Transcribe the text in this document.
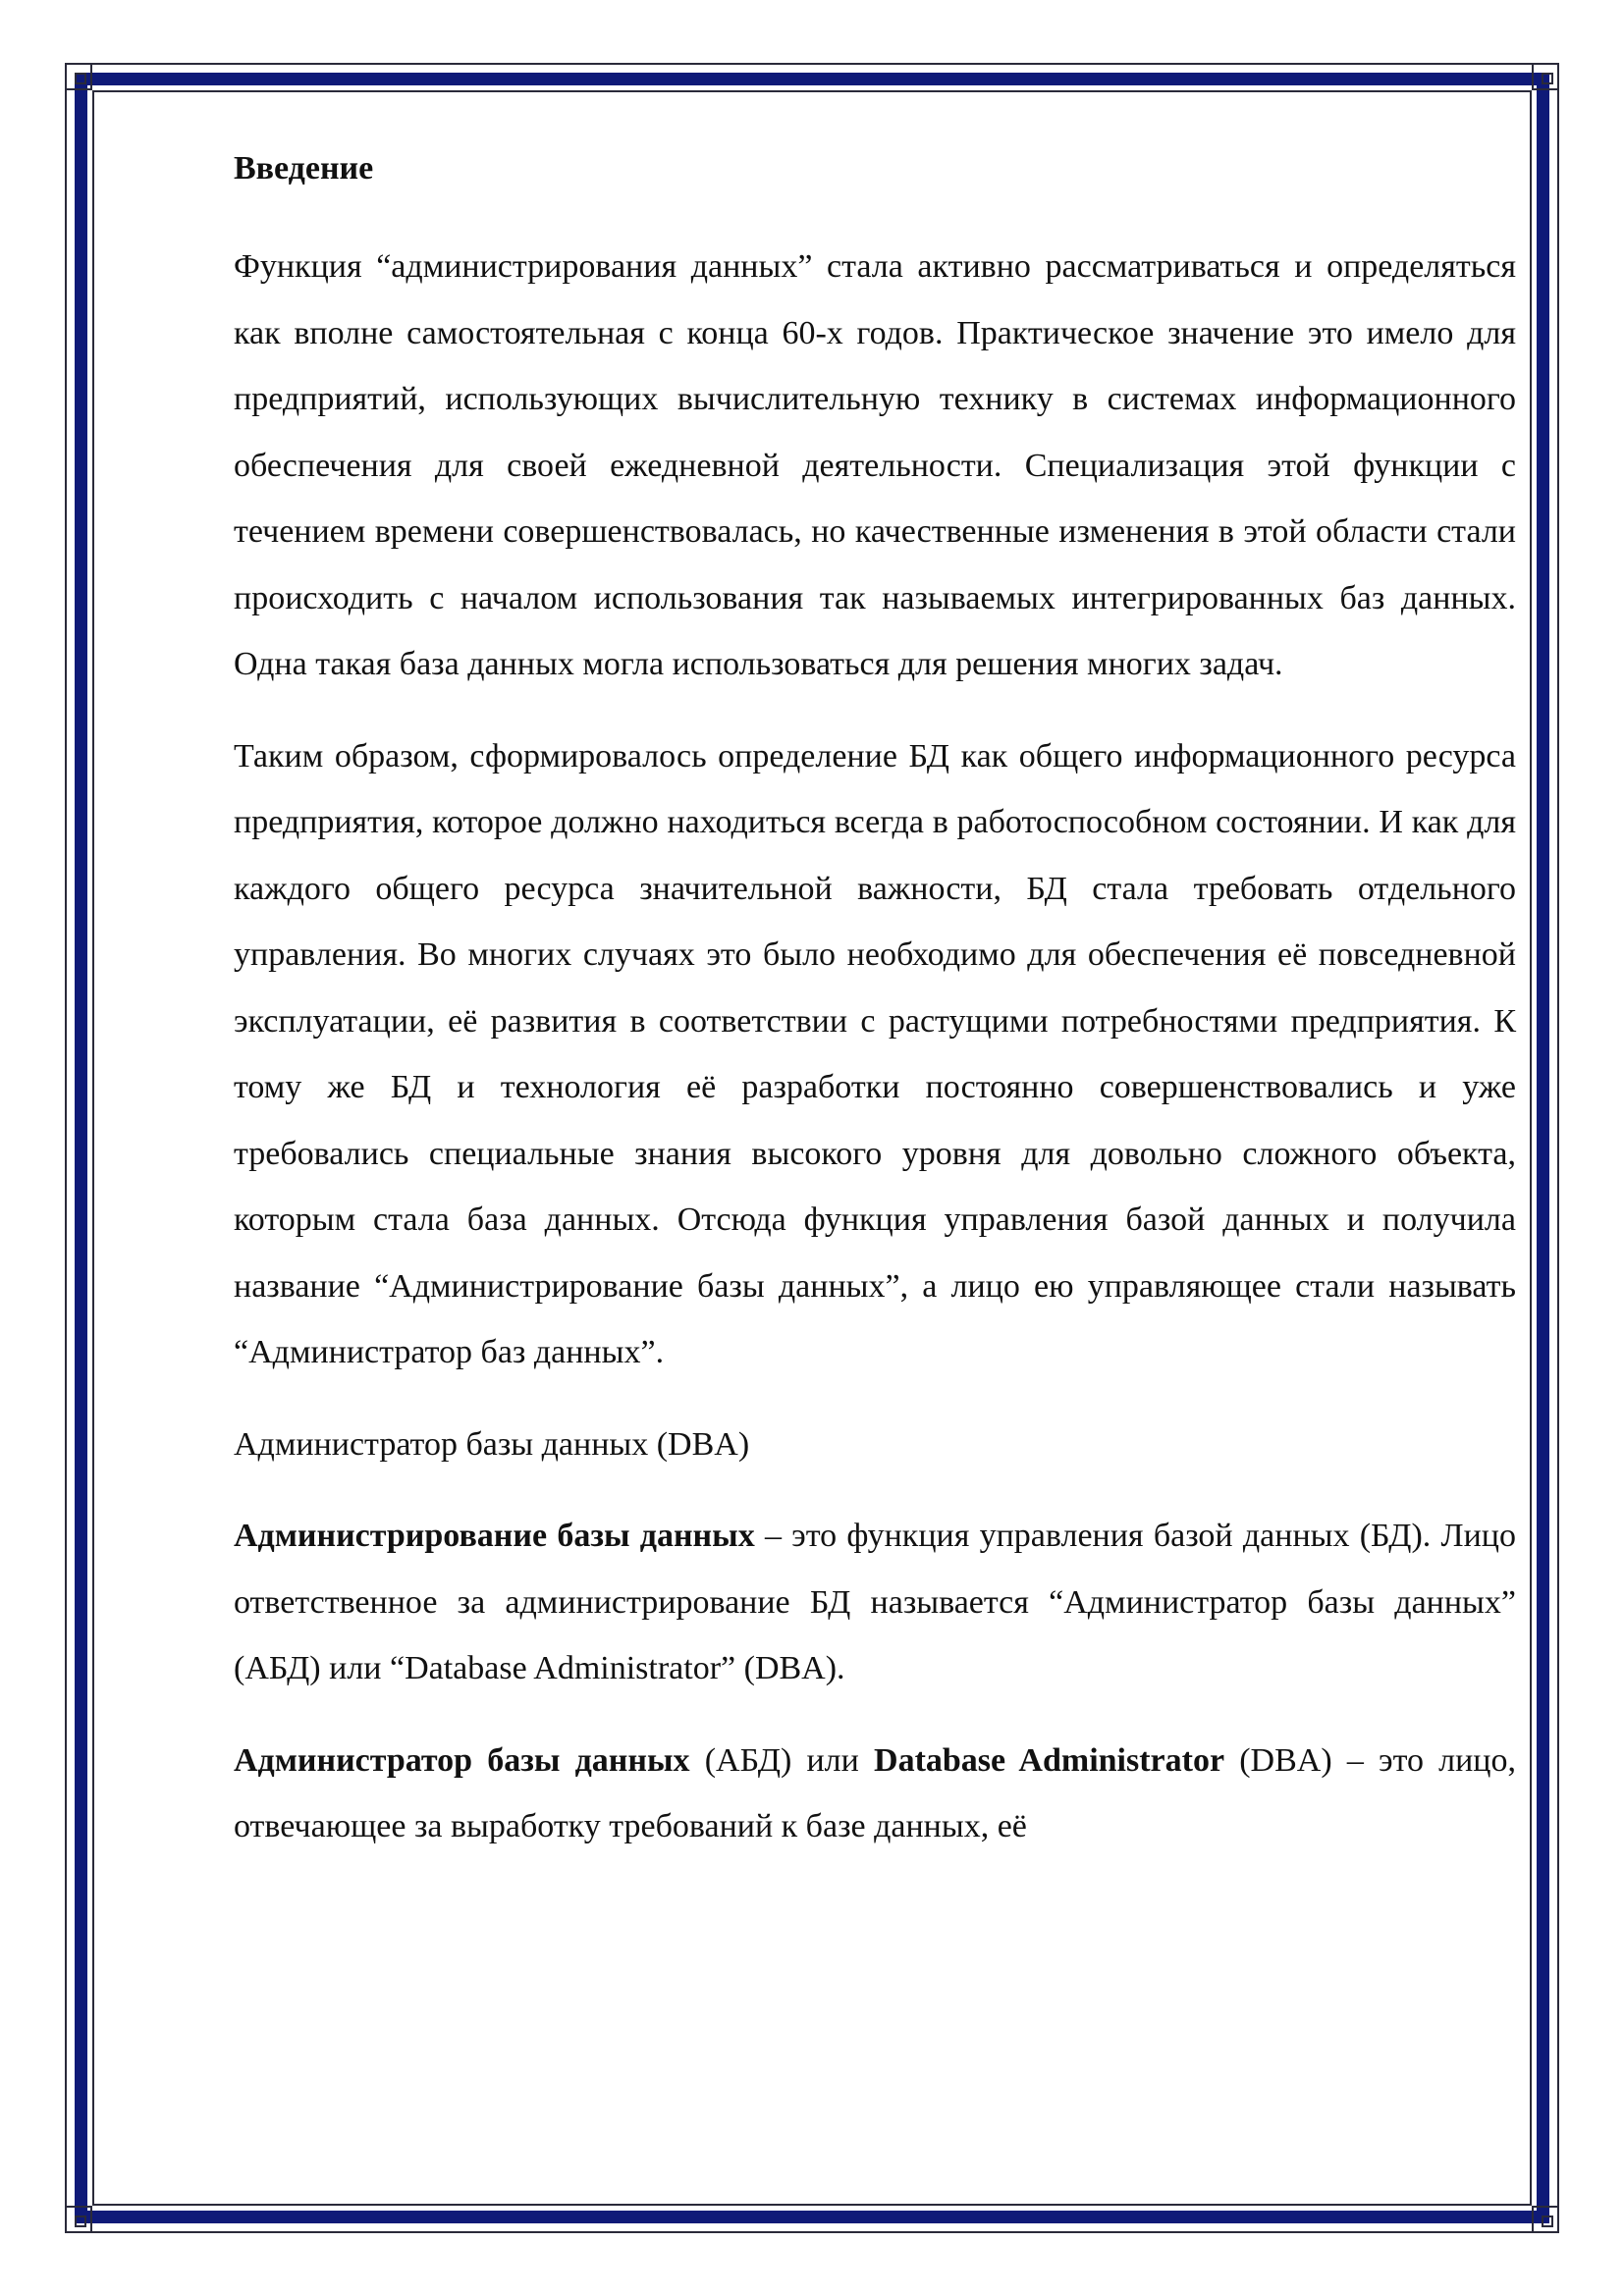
Введение

Функция “администрирования данных” стала активно рассматриваться и определяться как вполне самостоятельная с конца 60-х годов. Практическое значение это имело для предприятий, использующих вычислительную технику в системах информационного обеспечения для своей ежедневной деятельности. Специализация этой функции с течением времени совершенствовалась, но качественные изменения в этой области стали происходить с началом использования так называемых интегрированных баз данных. Одна такая база данных могла использоваться для решения многих задач.

Таким образом, сформировалось определение БД как общего информационного ресурса предприятия, которое должно находиться всегда в работоспособном состоянии. И как для каждого общего ресурса значительной важности, БД стала требовать отдельного управления. Во многих случаях это было необходимо для обеспечения её повседневной эксплуатации, её развития в соответствии с растущими потребностями предприятия. К тому же БД и технология её разработки постоянно совершенствовались и уже требовались специальные знания высокого уровня для довольно сложного объекта, которым стала база данных. Отсюда функция управления базой данных и получила название “Администрирование базы данных”, а лицо ею управляющее стали называть “Администратор баз данных”.

Администратор базы данных (DBA)

Администрирование базы данных – это функция управления базой данных (БД). Лицо ответственное за администрирование БД называется “Администратор базы данных” (АБД) или “Database Administrator” (DBA).

Администратор базы данных (АБД) или Database Administrator (DBA) – это лицо, отвечающее за выработку требований к базе данных, её
